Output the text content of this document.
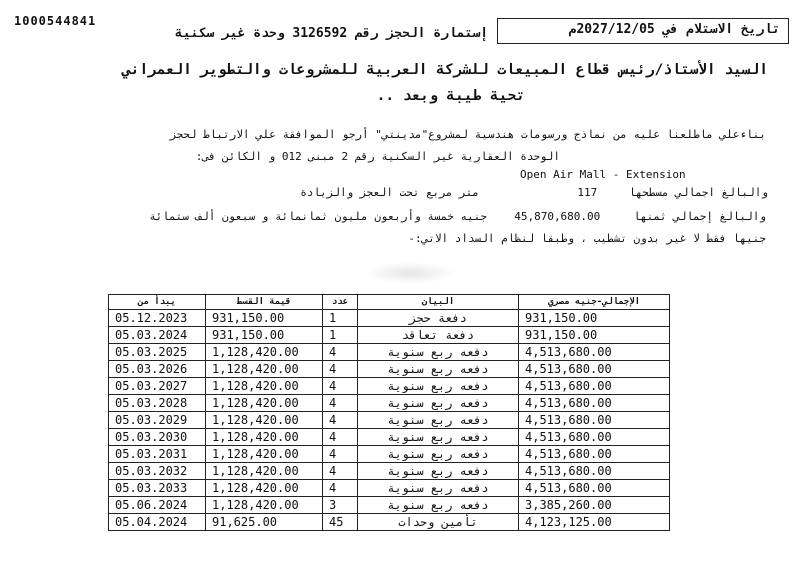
1000544841
إستمارة الحجز رقم 3126592 وحدة غير سكنية	تاريخ الاستلام في 2027/12/05م
السيد الأستاذ/رئيس قطاع المبيعات للشركة العربية للمشروعات والتطوير العمراني
تحية طيبة وبعد ..
بناءعلي ماطلعنا عليه من نماذج ورسومات هندسية لمشروع"مدينتي" أرجو الموافقة علي الارتباط لحجز
الوحدة العقارية غير السكنية رقم 2 مبنى 012 و الكائن فى:
Open Air Mall - Extension
والبالغ اجمالي مسطحها 117  متر مربع تحت العجز والزيادة
والبالغ إجمالي ثمنها  45,870,680.00  جنيه خمسة وأربعون مليون ثمانمائة و سبعون ألف ستمائة
جنيها فقط لا غير بدون تشطيب ، وطبقا لنظام السداد الاتي:-
يبدأ من	قيمة القسط	عدد	البيان	الإجمالي-جنيه مصري
05.12.2023	931,150.00	1	دفعة حجز	931,150.00
05.03.2024	931,150.00	1	دفعة تعاقد	931,150.00
05.03.2025	1,128,420.00	4	دفعه ربع سنوية	4,513,680.00
05.03.2026	1,128,420.00	4	دفعه ربع سنوية	4,513,680.00
05.03.2027	1,128,420.00	4	دفعه ربع سنوية	4,513,680.00
05.03.2028	1,128,420.00	4	دفعه ربع سنوية	4,513,680.00
05.03.2029	1,128,420.00	4	دفعه ربع سنوية	4,513,680.00
05.03.2030	1,128,420.00	4	دفعه ربع سنوية	4,513,680.00
05.03.2031	1,128,420.00	4	دفعه ربع سنوية	4,513,680.00
05.03.2032	1,128,420.00	4	دفعه ربع سنوية	4,513,680.00
05.03.2033	1,128,420.00	4	دفعه ربع سنوية	4,513,680.00
05.06.2024	1,128,420.00	3	دفعه ربع سنوية	3,385,260.00
05.04.2024	91,625.00	45	تأمين وحدات	4,123,125.00
